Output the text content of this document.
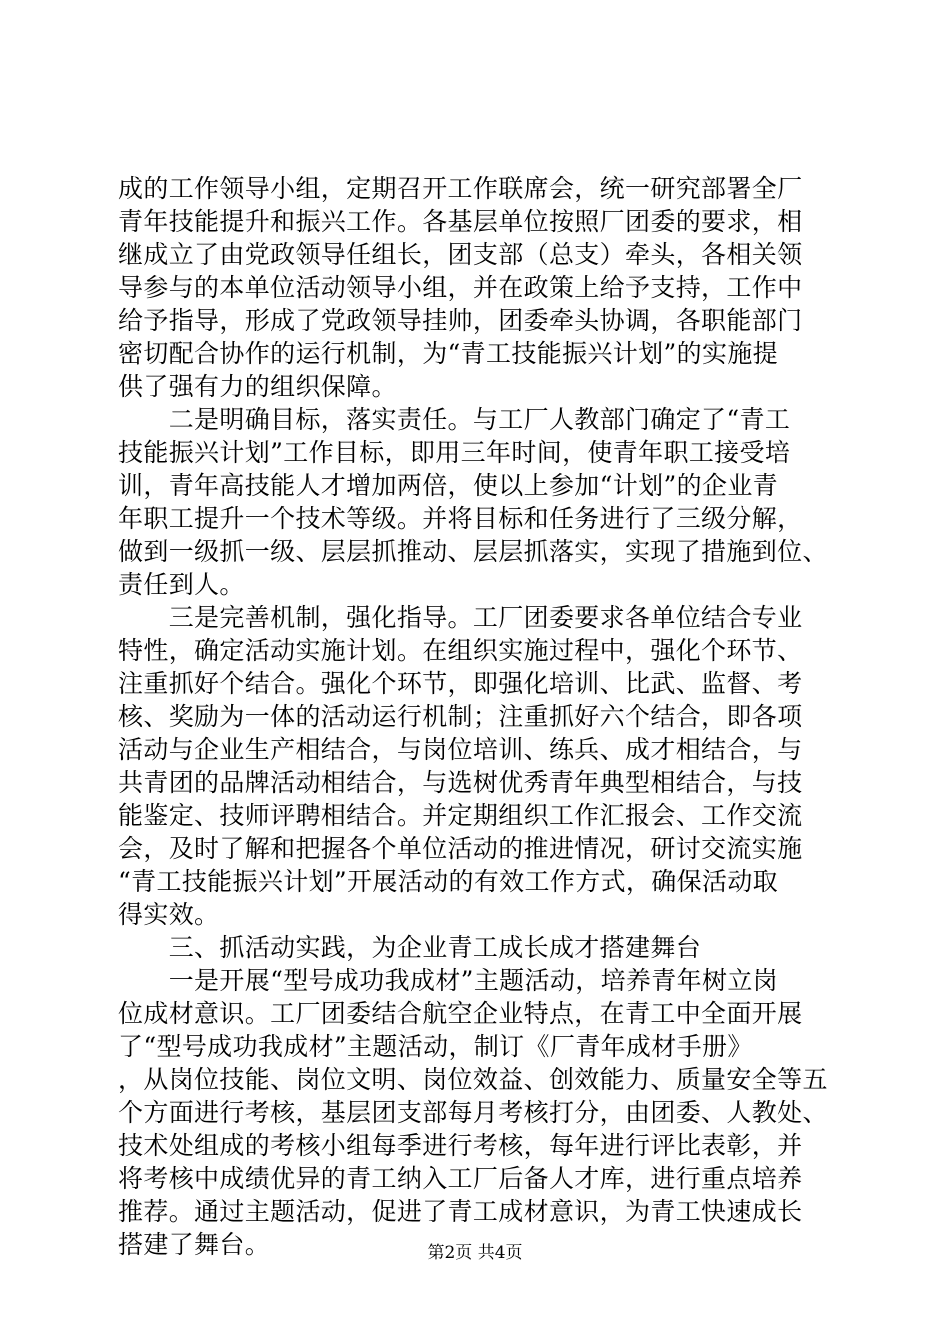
成的工作领导小组，定期召开工作联席会，统一研究部署全厂
青年技能提升和振兴工作。各基层单位按照厂团委的要求，相
继成立了由党政领导任组长，团支部（总支）牵头，各相关领
导参与的本单位活动领导小组，并在政策上给予支持，工作中
给予指导，形成了党政领导挂帅，团委牵头协调，各职能部门
密切配合协作的运行机制，为“青工技能振兴计划”的实施提
供了强有力的组织保障。
　　二是明确目标，落实责任。与工厂人教部门确定了“青工
技能振兴计划”工作目标，即用三年时间，使青年职工接受培
训，青年高技能人才增加两倍，使以上参加“计划”的企业青
年职工提升一个技术等级。并将目标和任务进行了三级分解，
做到一级抓一级、层层抓推动、层层抓落实，实现了措施到位、
责任到人。
　　三是完善机制，强化指导。工厂团委要求各单位结合专业
特性，确定活动实施计划。在组织实施过程中，强化个环节、
注重抓好个结合。强化个环节，即强化培训、比武、监督、考
核、奖励为一体的活动运行机制；注重抓好六个结合，即各项
活动与企业生产相结合，与岗位培训、练兵、成才相结合，与
共青团的品牌活动相结合，与选树优秀青年典型相结合，与技
能鉴定、技师评聘相结合。并定期组织工作汇报会、工作交流
会，及时了解和把握各个单位活动的推进情况，研讨交流实施
“青工技能振兴计划”开展活动的有效工作方式，确保活动取
得实效。
　　三、抓活动实践，为企业青工成长成才搭建舞台
　　一是开展“型号成功我成材”主题活动，培养青年树立岗
位成材意识。工厂团委结合航空企业特点，在青工中全面开展
了“型号成功我成材”主题活动，制订《厂青年成材手册》
，从岗位技能、岗位文明、岗位效益、创效能力、质量安全等五
个方面进行考核，基层团支部每月考核打分，由团委、人教处、
技术处组成的考核小组每季进行考核，每年进行评比表彰，并
将考核中成绩优异的青工纳入工厂后备人才库，进行重点培养
推荐。通过主题活动，促进了青工成材意识，为青工快速成长
搭建了舞台。	第2页 共4页
